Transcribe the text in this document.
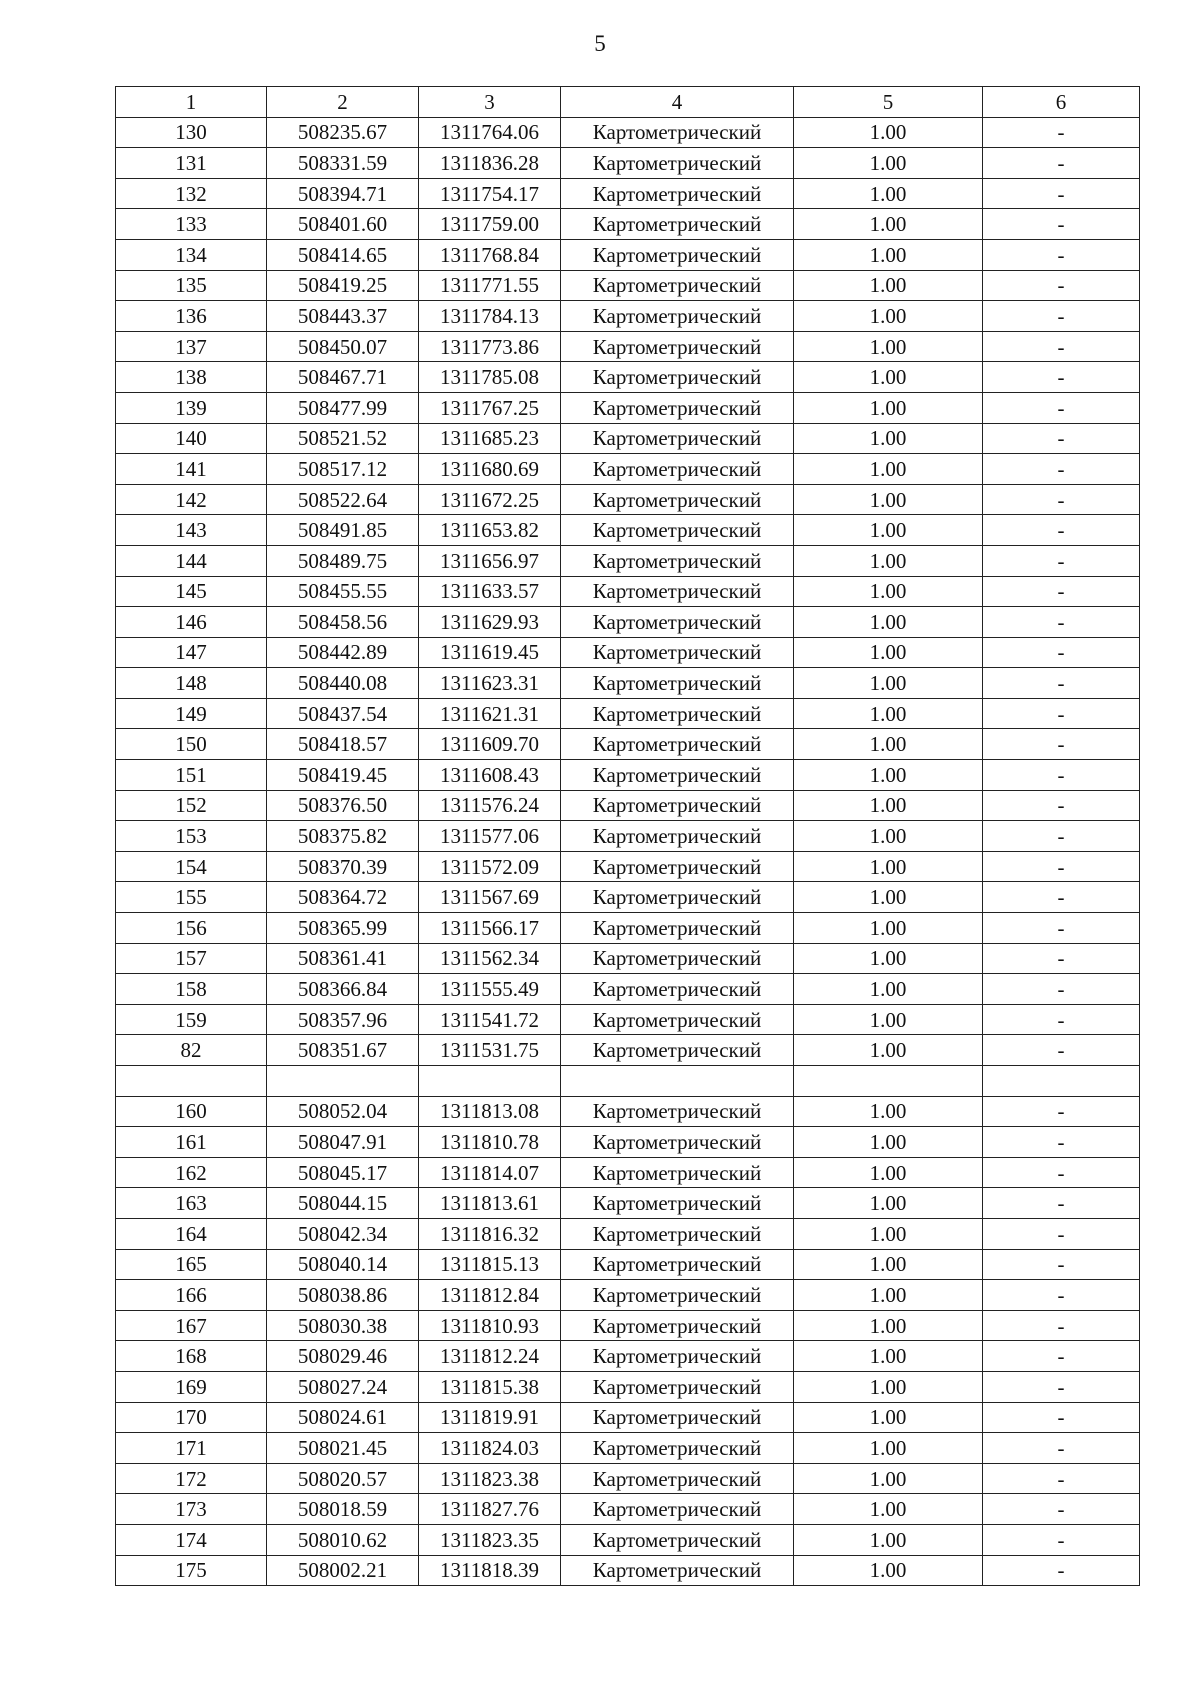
5
1	2	3	4	5	6
130	508235.67	1311764.06	Картометрический	1.00	-
131	508331.59	1311836.28	Картометрический	1.00	-
132	508394.71	1311754.17	Картометрический	1.00	-
133	508401.60	1311759.00	Картометрический	1.00	-
134	508414.65	1311768.84	Картометрический	1.00	-
135	508419.25	1311771.55	Картометрический	1.00	-
136	508443.37	1311784.13	Картометрический	1.00	-
137	508450.07	1311773.86	Картометрический	1.00	-
138	508467.71	1311785.08	Картометрический	1.00	-
139	508477.99	1311767.25	Картометрический	1.00	-
140	508521.52	1311685.23	Картометрический	1.00	-
141	508517.12	1311680.69	Картометрический	1.00	-
142	508522.64	1311672.25	Картометрический	1.00	-
143	508491.85	1311653.82	Картометрический	1.00	-
144	508489.75	1311656.97	Картометрический	1.00	-
145	508455.55	1311633.57	Картометрический	1.00	-
146	508458.56	1311629.93	Картометрический	1.00	-
147	508442.89	1311619.45	Картометрический	1.00	-
148	508440.08	1311623.31	Картометрический	1.00	-
149	508437.54	1311621.31	Картометрический	1.00	-
150	508418.57	1311609.70	Картометрический	1.00	-
151	508419.45	1311608.43	Картометрический	1.00	-
152	508376.50	1311576.24	Картометрический	1.00	-
153	508375.82	1311577.06	Картометрический	1.00	-
154	508370.39	1311572.09	Картометрический	1.00	-
155	508364.72	1311567.69	Картометрический	1.00	-
156	508365.99	1311566.17	Картометрический	1.00	-
157	508361.41	1311562.34	Картометрический	1.00	-
158	508366.84	1311555.49	Картометрический	1.00	-
159	508357.96	1311541.72	Картометрический	1.00	-
82	508351.67	1311531.75	Картометрический	1.00	-

160	508052.04	1311813.08	Картометрический	1.00	-
161	508047.91	1311810.78	Картометрический	1.00	-
162	508045.17	1311814.07	Картометрический	1.00	-
163	508044.15	1311813.61	Картометрический	1.00	-
164	508042.34	1311816.32	Картометрический	1.00	-
165	508040.14	1311815.13	Картометрический	1.00	-
166	508038.86	1311812.84	Картометрический	1.00	-
167	508030.38	1311810.93	Картометрический	1.00	-
168	508029.46	1311812.24	Картометрический	1.00	-
169	508027.24	1311815.38	Картометрический	1.00	-
170	508024.61	1311819.91	Картометрический	1.00	-
171	508021.45	1311824.03	Картометрический	1.00	-
172	508020.57	1311823.38	Картометрический	1.00	-
173	508018.59	1311827.76	Картометрический	1.00	-
174	508010.62	1311823.35	Картометрический	1.00	-
175	508002.21	1311818.39	Картометрический	1.00	-
